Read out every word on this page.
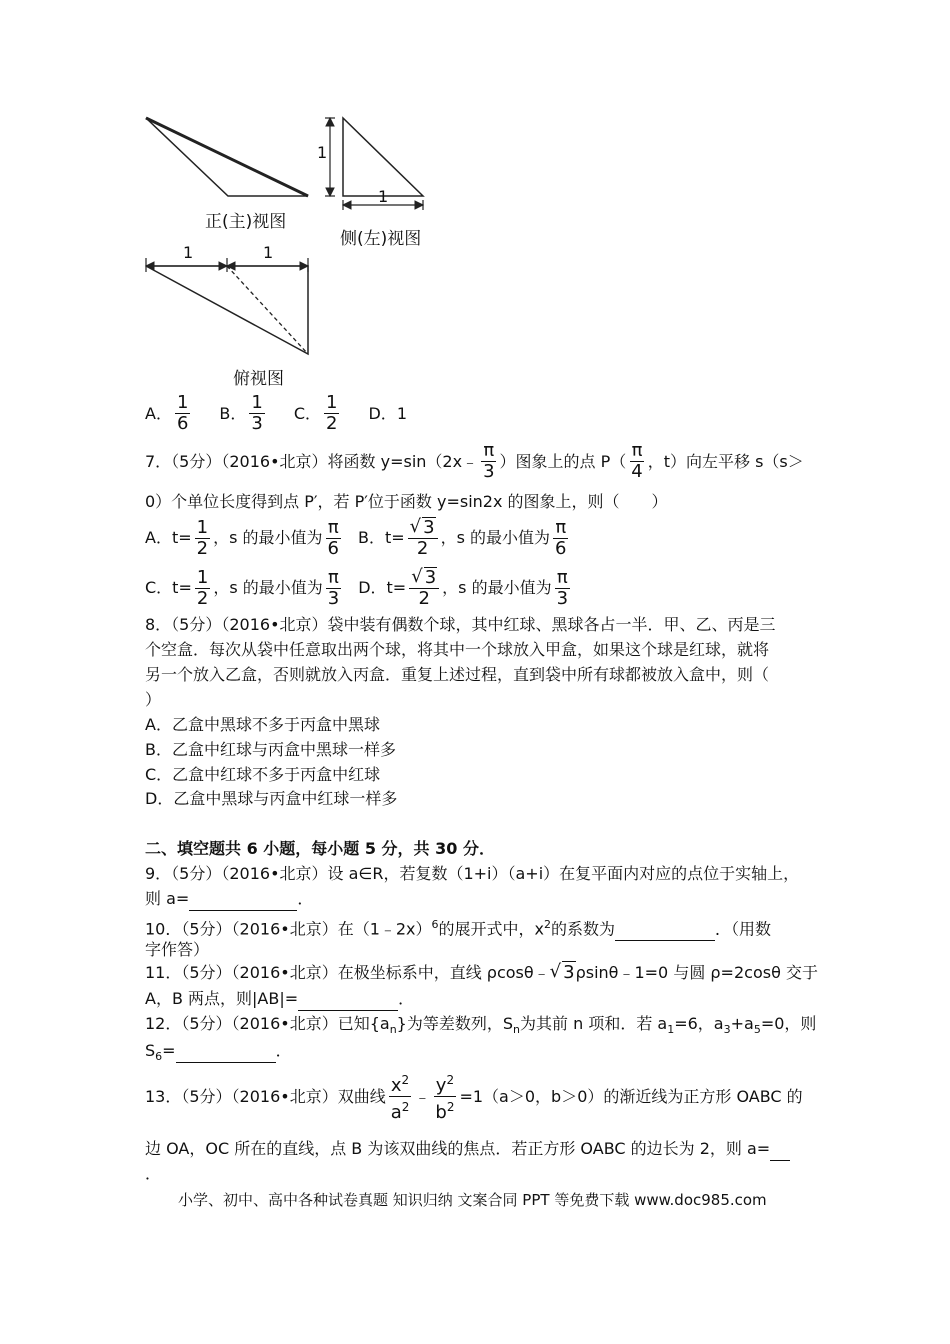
1
1
1	1
正(主)视图
侧(左)视图
俯视图
A． $\frac{1}{6}$ B． $\frac{1}{3}$ C． $\frac{1}{2}$ D． 1
7．（5分）（2016•北京）将函数 y=sin（2x﹣ $\frac{\pi}{3}$ ）图象上的点 $P( \frac{\pi}{4}$ ，t）向左平移 s（s＞
0）个单位长度得到点 P′，若 P′位于函数 y=sin2x 的图象上，则（　　）
A．$t= \frac{1}{2}$ ，s 的最小值为 $\frac{\pi}{6}$ B．$t= \frac{√ 3}{2}$ ，s 的最小值为 $\frac{\pi}{6}$
C．$t= \frac{1}{2}$ ，s 的最小值为 $\frac{\pi}{3}$ D．$t= \frac{√ 3}{2}$ ，s 的最小值为 $\frac{\pi}{3}$
8．（5分）（2016•北京）袋中装有偶数个球，其中红球、黑球各占一半．甲、乙、丙是三
个空盒．每次从袋中任意取出两个球，将其中一个球放入甲盒，如果这个球是红球，就将
另一个放入乙盒，否则就放入丙盒．重复上述过程，直到袋中所有球都被放入盒中，则（
）
A．乙盒中黑球不多于丙盒中黑球
B．乙盒中红球与丙盒中黑球一样多
C．乙盒中红球不多于丙盒中红球
D．乙盒中黑球与丙盒中红球一样多
二、填空题共 6 小题，每小题 5 分，共 30 分．
9．（5分）（2016•北京）设 a∈R，若复数（1+i）（a+i）在复平面内对应的点位于实轴上，
则 a=	．
10．（5分）（2016•北京）在（1﹣2x）$^6$的展开式中，$x^2$的系数为	．（用数
字作答）
11．（5分）（2016•北京）在极坐标系中，直线 ρcosθ﹣ √ 3 ρsinθ﹣1=0 与圆 ρ=2cosθ 交于
A，B 两点，则|AB|=	．
12．（5分）（2016•北京）已知$\{a_n\}$为等差数列，$S_n$为其前 n 项和．若 $a_1=6$，$a_3+a_5=0$，则
$S_6=$	．
13．（5分）（2016•北京）双曲线 $\frac{x^2}{a^2}$ ﹣ $\frac{y^2}{b^2} =1(a>0$，b＞0）的渐近线为正方形 OABC 的
边 OA，OC 所在的直线，点 B 为该双曲线的焦点．若正方形 OABC 的边长为 2，则 a=
．
小学、初中、高中各种试卷真题 知识归纳 文案合同 PPT 等免费下载 www.doc985.com
